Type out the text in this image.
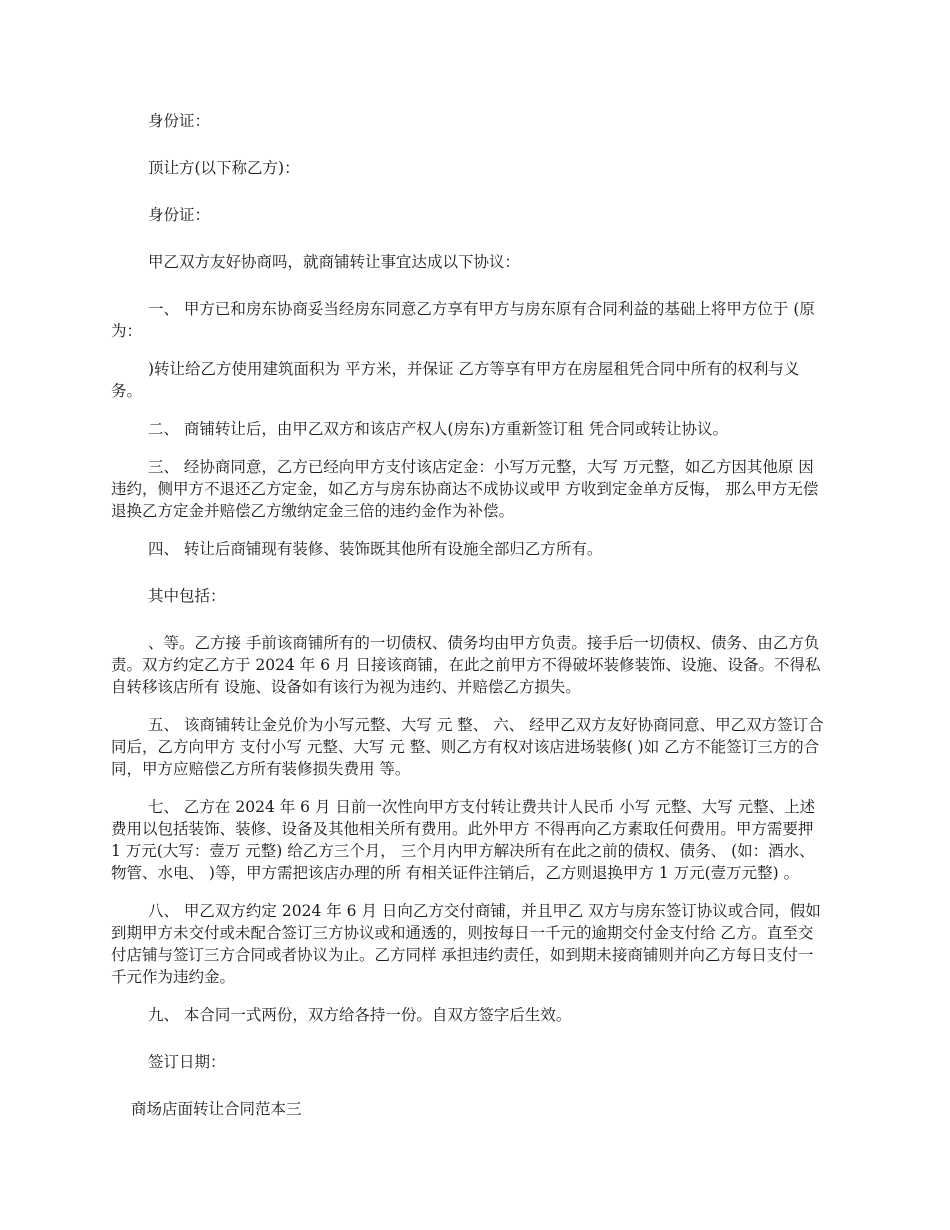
身份证：

顶让方(以下称乙方)：

身份证：

甲乙双方友好协商吗，就商铺转让事宜达成以下协议：

一、 甲方已和房东协商妥当经房东同意乙方享有甲方与房东原有合同利益的基础上将甲方位于 (原 为：

)转让给乙方使用建筑面积为 平方米，并保证 乙方等享有甲方在房屋租凭合同中所有的权利与义务。

二、 商铺转让后，由甲乙双方和该店产权人(房东)方重新签订租 凭合同或转让协议。

三、 经协商同意，乙方已经向甲方支付该店定金：小写万元整，大写 万元整，如乙方因其他原 因违约，侧甲方不退还乙方定金，如乙方与房东协商达不成协议或甲 方收到定金单方反悔， 那么甲方无偿退换乙方定金并赔偿乙方缴纳定金三倍的违约金作为补偿。

四、 转让后商铺现有装修、装饰既其他所有设施全部归乙方所有。

其中包括：

、等。乙方接 手前该商铺所有的一切债权、债务均由甲方负责。接手后一切债权、债务、由乙方负责。双方约定乙方于 2024 年 6 月 日接该商铺，在此之前甲方不得破坏装修装饰、设施、设备。不得私自转移该店所有 设施、设备如有该行为视为违约、并赔偿乙方损失。

五、 该商铺转让金兑价为小写元整、大写 元 整、 六、 经甲乙双方友好协商同意、甲乙双方签订合同后，乙方向甲方 支付小写 元整、大写 元 整、则乙方有权对该店进场装修( )如 乙方不能签订三方的合同，甲方应赔偿乙方所有装修损失费用 等。

七、 乙方在 2024 年 6 月 日前一次性向甲方支付转让费共计人民币 小写 元整、大写 元整、上述 费用以包括装饰、装修、设备及其他相关所有费用。此外甲方 不得再向乙方素取任何费用。甲方需要押 1 万元(大写：壹万 元整) 给乙方三个月， 三个月内甲方解决所有在此之前的债权、债务、 (如：酒水、物管、水电、 )等，甲方需把该店办理的所 有相关证件注销后，乙方则退换甲方 1 万元(壹万元整) 。

八、 甲乙双方约定 2024 年 6 月 日向乙方交付商铺，并且甲乙 双方与房东签订协议或合同，假如到期甲方未交付或未配合签订三方协议或和通透的，则按每日一千元的逾期交付金支付给 乙方。直至交付店铺与签订三方合同或者协议为止。乙方同样 承担违约责任，如到期未接商铺则并向乙方每日支付一千元作为违约金。

九、 本合同一式两份，双方给各持一份。自双方签字后生效。

签订日期：

商场店面转让合同范本三
